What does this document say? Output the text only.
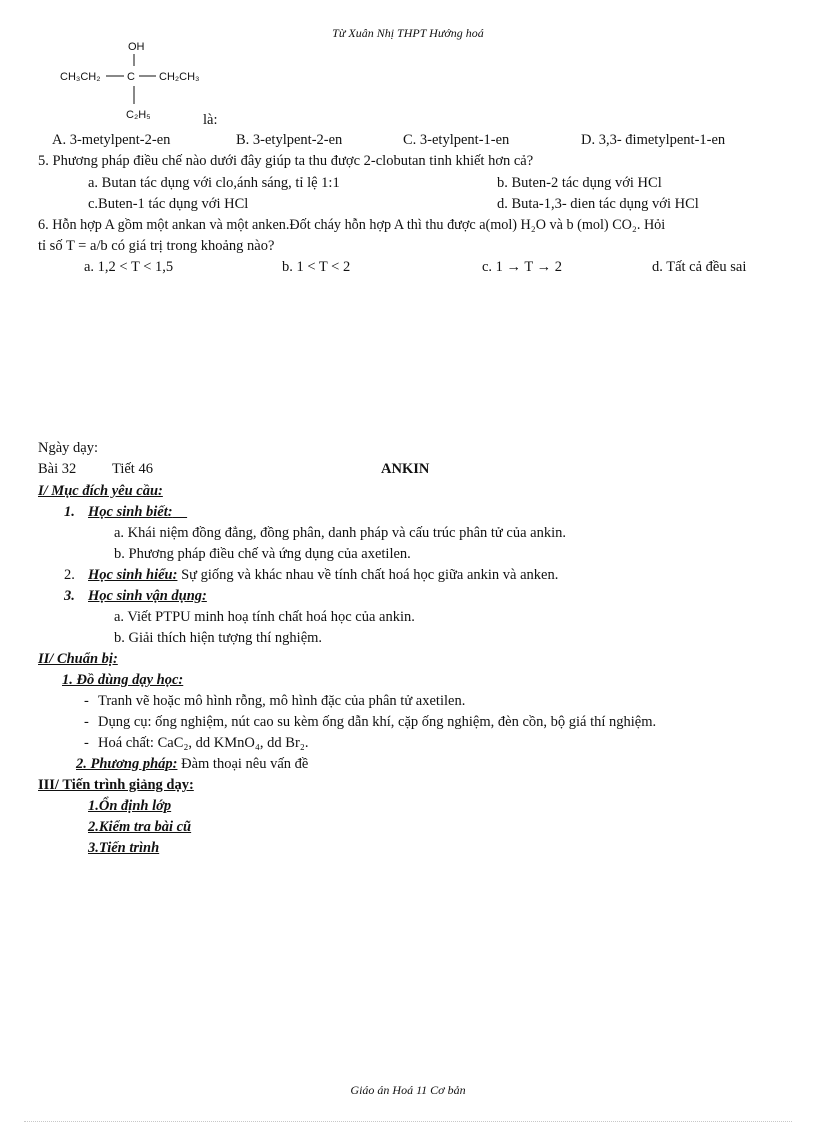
Từ Xuân Nhị THPT Hướng hoá
OH
CH₃CH₂ C CH₂CH₃
C₂H₅	là:
A. 3-metylpent-2-en	B. 3-etylpent-2-en	C. 3-etylpent-1-en	D. 3,3- đimetylpent-1-en
5. Phương pháp điều chế nào dưới đây giúp ta thu được 2-clobutan tinh khiết hơn cả?
a. Butan tác dụng với clo,ánh sáng, tỉ lệ 1:1	b. Buten-2 tác dụng với HCl
c.Buten-1 tác dụng với HCl	d. Buta-1,3- dien tác dụng với HCl
6. Hỗn hợp A gồm một ankan và một anken.Đốt cháy hỗn hợp A thì thu được a(mol) H₂O và b (mol) CO₂. Hỏi
tỉ số T = a/b có giá trị trong khoảng nào?
a. 1,2 < T < 1,5	b. 1 < T < 2	c. 1 → T → 2	d. Tất cả đều sai
Ngày dạy:
Bài 32 Tiết 46	ANKIN
I/ Mục đích yêu cầu:
1. Học sinh biết:
a. Khái niệm đồng đẳng, đồng phân, danh pháp và cấu trúc phân tử của ankin.
b. Phương pháp điều chế và ứng dụng của axetilen.
2. Học sinh hiểu: Sự giống và khác nhau về tính chất hoá học giữa ankin và anken.
3. Học sinh vận dụng:
a. Viết PTPU minh hoạ tính chất hoá học của ankin.
b. Giải thích hiện tượng thí nghiệm.
II/ Chuẩn bị:
1. Đồ dùng dạy học:
- Tranh vẽ hoặc mô hình rỗng, mô hình đặc của phân tử axetilen.
- Dụng cụ: ống nghiệm, nút cao su kèm ống dẫn khí, cặp ống nghiệm, đèn cồn, bộ giá thí nghiệm.
- Hoá chất: CaC₂, dd KMnO₄, dd Br₂.
2. Phương pháp: Đàm thoại nêu vấn đề
III/ Tiến trình giảng dạy:
1.Ổn định lớp
2.Kiểm tra bài cũ
3.Tiến trình
Giáo án Hoá 11 Cơ bản
